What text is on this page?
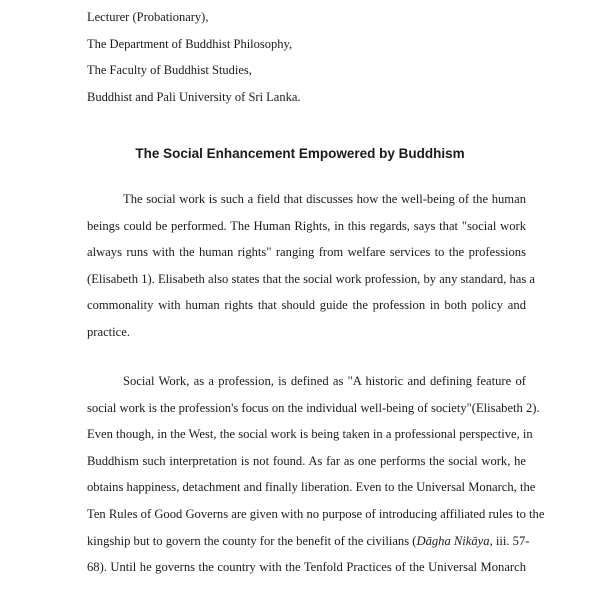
Lecturer (Probationary),
The Department of Buddhist Philosophy,
The Faculty of Buddhist Studies,
Buddhist and Pali University of Sri Lanka.
The Social Enhancement Empowered by Buddhism
The social work is such a field that discusses how the well-being of the human
beings could be performed. The Human Rights, in this regards, says that "social work
always runs with the human rights" ranging from welfare services to the professions
(Elisabeth 1). Elisabeth also states that the social work profession, by any standard, has a
commonality with human rights that should guide the profession in both policy and
practice.
Social Work, as a profession, is defined as "A historic and defining feature of
social work is the profession's focus on the individual well-being of society"(Elisabeth 2).
Even though, in the West, the social work is being taken in a professional perspective, in
Buddhism such interpretation is not found. As far as one performs the social work, he
obtains happiness, detachment and finally liberation. Even to the Universal Monarch, the
Ten Rules of Good Governs are given with no purpose of introducing affiliated rules to the
kingship but to govern the county for the benefit of the civilians (Dāgha Nikāya, iii. 57-
68). Until he governs the country with the Tenfold Practices of the Universal Monarch
